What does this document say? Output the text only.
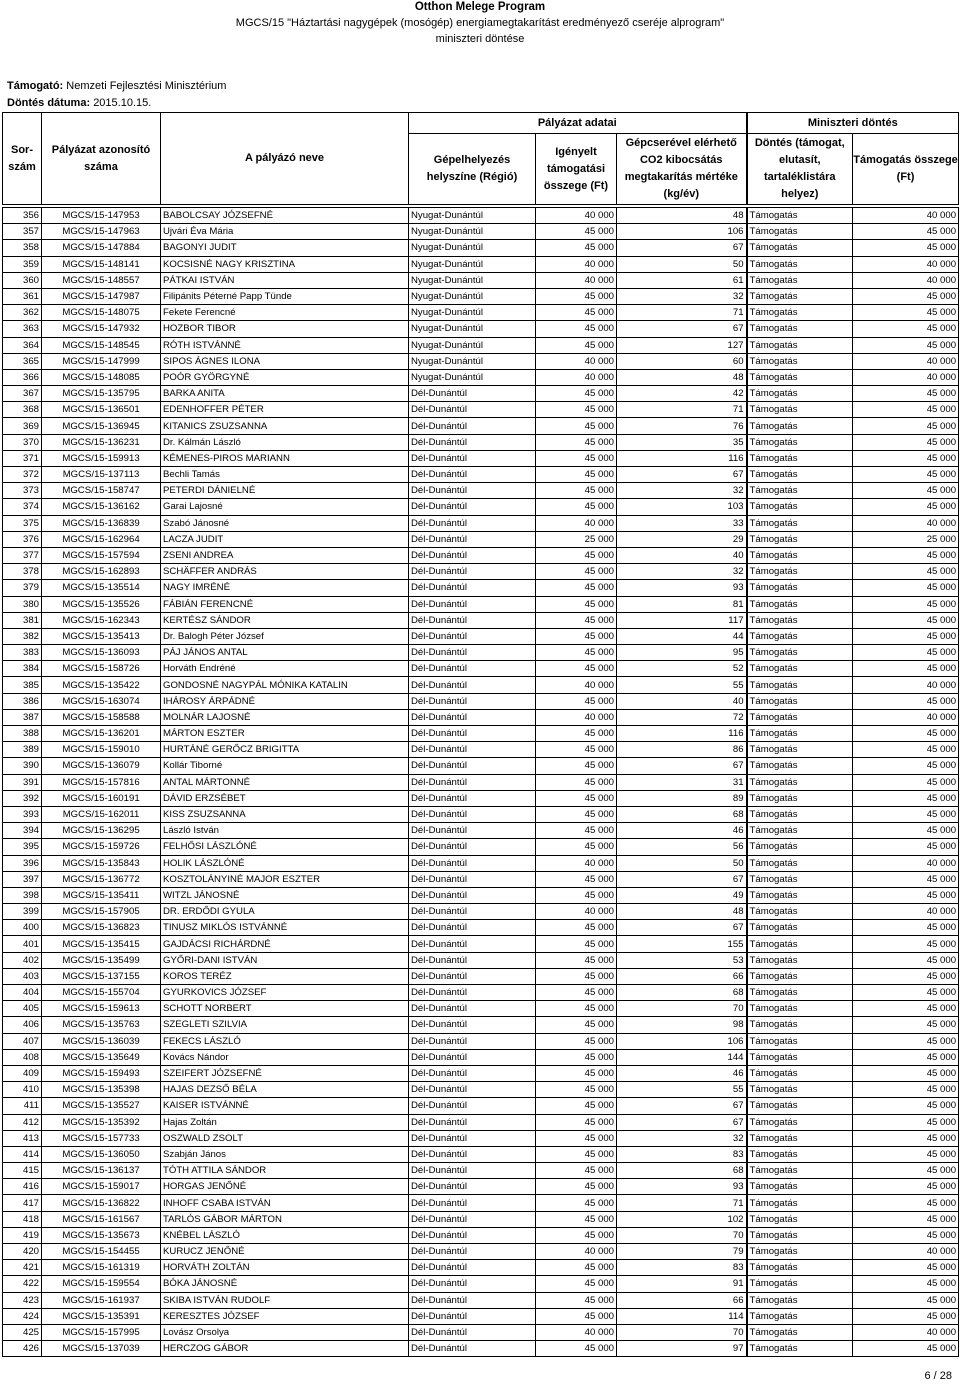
Otthon Melege Program
MGCS/15 "Háztartási nagygépek (mosógép) energiamegtakarítást eredményező cseréje alprogram"
miniszteri döntése
Támogató: Nemzeti Fejlesztési Minisztérium
Döntés dátuma: 2015.10.15.
Sor-szám	Pályázat azonosító száma	A pályázó neve	Pályázat adatai			Miniszteri döntés	
			Gépelhelyezés helyszíne (Régió)	Igényelt támogatási összege (Ft)	Gépcserével elérhető CO2 kibocsátás megtakarítás mértéke (kg/év)	Döntés (támogat, elutasít, tartaléklistára helyez)	Támogatás összege (Ft)
356	MGCS/15-147953	BABOLCSAY JÓZSEFNÉ	Nyugat-Dunántúl	40 000	48	Támogatás	40 000
357	MGCS/15-147963	Ujvári Éva Mária	Nyugat-Dunántúl	45 000	106	Támogatás	45 000
358	MGCS/15-147884	BAGONYI JUDIT	Nyugat-Dunántúl	45 000	67	Támogatás	45 000
359	MGCS/15-148141	KOCSISNÉ NAGY KRISZTINA	Nyugat-Dunántúl	40 000	50	Támogatás	40 000
360	MGCS/15-148557	PÁTKAI ISTVÁN	Nyugat-Dunántúl	40 000	61	Támogatás	40 000
361	MGCS/15-147987	Filipánits Péterné Papp Tünde	Nyugat-Dunántúl	45 000	32	Támogatás	45 000
362	MGCS/15-148075	Fekete Ferencné	Nyugat-Dunántúl	45 000	71	Támogatás	45 000
363	MGCS/15-147932	HOZBOR TIBOR	Nyugat-Dunántúl	45 000	67	Támogatás	45 000
364	MGCS/15-148545	RÓTH ISTVÁNNÉ	Nyugat-Dunántúl	45 000	127	Támogatás	45 000
365	MGCS/15-147999	SIPOS ÁGNES ILONA	Nyugat-Dunántúl	40 000	60	Támogatás	40 000
366	MGCS/15-148085	POÓR GYÖRGYNÉ	Nyugat-Dunántúl	40 000	48	Támogatás	40 000
367	MGCS/15-135795	BARKA ANITA	Dél-Dunántúl	45 000	42	Támogatás	45 000
368	MGCS/15-136501	EDENHOFFER PÉTER	Dél-Dunántúl	45 000	71	Támogatás	45 000
369	MGCS/15-136945	KITANICS ZSUZSANNA	Dél-Dunántúl	45 000	76	Támogatás	45 000
370	MGCS/15-136231	Dr. Kálmán László	Dél-Dunántúl	45 000	35	Támogatás	45 000
371	MGCS/15-159913	KÉMENES-PIROS MARIANN	Dél-Dunántúl	45 000	116	Támogatás	45 000
372	MGCS/15-137113	Bechli Tamás	Dél-Dunántúl	45 000	67	Támogatás	45 000
373	MGCS/15-158747	PETERDI DÁNIELNÉ	Dél-Dunántúl	45 000	32	Támogatás	45 000
374	MGCS/15-136162	Garai Lajosné	Dél-Dunántúl	45 000	103	Támogatás	45 000
375	MGCS/15-136839	Szabó Jánosné	Dél-Dunántúl	40 000	33	Támogatás	40 000
376	MGCS/15-162964	LACZA JUDIT	Dél-Dunántúl	25 000	29	Támogatás	25 000
377	MGCS/15-157594	ZSENI ANDREA	Dél-Dunántúl	45 000	40	Támogatás	45 000
378	MGCS/15-162893	SCHÄFFER ANDRÁS	Dél-Dunántúl	45 000	32	Támogatás	45 000
379	MGCS/15-135514	NAGY IMRÉNÉ	Dél-Dunántúl	45 000	93	Támogatás	45 000
380	MGCS/15-135526	FÁBIÁN FERENCNÉ	Dél-Dunántúl	45 000	81	Támogatás	45 000
381	MGCS/15-162343	KERTÉSZ SÁNDOR	Dél-Dunántúl	45 000	117	Támogatás	45 000
382	MGCS/15-135413	Dr. Balogh Péter József	Dél-Dunántúl	45 000	44	Támogatás	45 000
383	MGCS/15-136093	PÁJ JÁNOS ANTAL	Dél-Dunántúl	45 000	95	Támogatás	45 000
384	MGCS/15-158726	Horváth Endréné	Dél-Dunántúl	45 000	52	Támogatás	45 000
385	MGCS/15-135422	GONDOSNÉ NAGYPÁL MÓNIKA KATALIN	Dél-Dunántúl	40 000	55	Támogatás	40 000
386	MGCS/15-163074	IHÁROSY ÁRPÁDNÉ	Dél-Dunántúl	45 000	40	Támogatás	45 000
387	MGCS/15-158588	MOLNÁR LAJOSNÉ	Dél-Dunántúl	40 000	72	Támogatás	40 000
388	MGCS/15-136201	MÁRTON ESZTER	Dél-Dunántúl	45 000	116	Támogatás	45 000
389	MGCS/15-159010	HURTÁNÉ GERŐCZ BRIGITTA	Dél-Dunántúl	45 000	86	Támogatás	45 000
390	MGCS/15-136079	Kollár Tiborné	Dél-Dunántúl	45 000	67	Támogatás	45 000
391	MGCS/15-157816	ANTAL MÁRTONNÉ	Dél-Dunántúl	45 000	31	Támogatás	45 000
392	MGCS/15-160191	DÁVID ERZSÉBET	Dél-Dunántúl	45 000	89	Támogatás	45 000
393	MGCS/15-162011	KISS ZSUZSANNA	Dél-Dunántúl	45 000	68	Támogatás	45 000
394	MGCS/15-136295	László István	Dél-Dunántúl	45 000	46	Támogatás	45 000
395	MGCS/15-159726	FELHŐSI LÁSZLÓNÉ	Dél-Dunántúl	45 000	56	Támogatás	45 000
396	MGCS/15-135843	HOLIK LÁSZLÓNÉ	Dél-Dunántúl	40 000	50	Támogatás	40 000
397	MGCS/15-136772	KOSZTOLÁNYINÉ MAJOR ESZTER	Dél-Dunántúl	45 000	67	Támogatás	45 000
398	MGCS/15-135411	WITZL JÁNOSNÉ	Dél-Dunántúl	45 000	49	Támogatás	45 000
399	MGCS/15-157905	DR. ERDŐDI GYULA	Dél-Dunántúl	40 000	48	Támogatás	40 000
400	MGCS/15-136823	TINUSZ MIKLÓS ISTVÁNNÉ	Dél-Dunántúl	45 000	67	Támogatás	45 000
401	MGCS/15-135415	GAJDÁCSI RICHÁRDNÉ	Dél-Dunántúl	45 000	155	Támogatás	45 000
402	MGCS/15-135499	GYŐRI-DANI ISTVÁN	Dél-Dunántúl	45 000	53	Támogatás	45 000
403	MGCS/15-137155	KOROS TERÉZ	Dél-Dunántúl	45 000	66	Támogatás	45 000
404	MGCS/15-155704	GYURKOVICS JÓZSEF	Dél-Dunántúl	45 000	68	Támogatás	45 000
405	MGCS/15-159613	SCHOTT NORBERT	Dél-Dunántúl	45 000	70	Támogatás	45 000
406	MGCS/15-135763	SZEGLETI SZILVIA	Dél-Dunántúl	45 000	98	Támogatás	45 000
407	MGCS/15-136039	FEKECS LÁSZLÓ	Dél-Dunántúl	45 000	106	Támogatás	45 000
408	MGCS/15-135649	Kovács Nándor	Dél-Dunántúl	45 000	144	Támogatás	45 000
409	MGCS/15-159493	SZEIFERT JÓZSEFNÉ	Dél-Dunántúl	45 000	46	Támogatás	45 000
410	MGCS/15-135398	HAJAS DEZSŐ BÉLA	Dél-Dunántúl	45 000	55	Támogatás	45 000
411	MGCS/15-135527	KAISER ISTVÁNNÉ	Dél-Dunántúl	45 000	67	Támogatás	45 000
412	MGCS/15-135392	Hajas Zoltán	Dél-Dunántúl	45 000	67	Támogatás	45 000
413	MGCS/15-157733	OSZWALD ZSOLT	Dél-Dunántúl	45 000	32	Támogatás	45 000
414	MGCS/15-136050	Szabján János	Dél-Dunántúl	45 000	83	Támogatás	45 000
415	MGCS/15-136137	TÓTH ATTILA SÁNDOR	Dél-Dunántúl	45 000	68	Támogatás	45 000
416	MGCS/15-159017	HORGAS JENŐNÉ	Dél-Dunántúl	45 000	93	Támogatás	45 000
417	MGCS/15-136822	INHOFF CSABA ISTVÁN	Dél-Dunántúl	45 000	71	Támogatás	45 000
418	MGCS/15-161567	TARLÓS GÁBOR MÁRTON	Dél-Dunántúl	45 000	102	Támogatás	45 000
419	MGCS/15-135673	KNÉBEL LÁSZLÓ	Dél-Dunántúl	45 000	70	Támogatás	45 000
420	MGCS/15-154455	KURUCZ JENŐNÉ	Dél-Dunántúl	40 000	79	Támogatás	40 000
421	MGCS/15-161319	HORVÁTH ZOLTÁN	Dél-Dunántúl	45 000	83	Támogatás	45 000
422	MGCS/15-159554	BÓKA JÁNOSNÉ	Dél-Dunántúl	45 000	91	Támogatás	45 000
423	MGCS/15-161937	SKIBA ISTVÁN RUDOLF	Dél-Dunántúl	45 000	66	Támogatás	45 000
424	MGCS/15-135391	KERESZTES JÓZSEF	Dél-Dunántúl	45 000	114	Támogatás	45 000
425	MGCS/15-157995	Lovász Orsolya	Dél-Dunántúl	40 000	70	Támogatás	40 000
426	MGCS/15-137039	HERCZOG GÁBOR	Dél-Dunántúl	45 000	97	Támogatás	45 000
6 / 28
